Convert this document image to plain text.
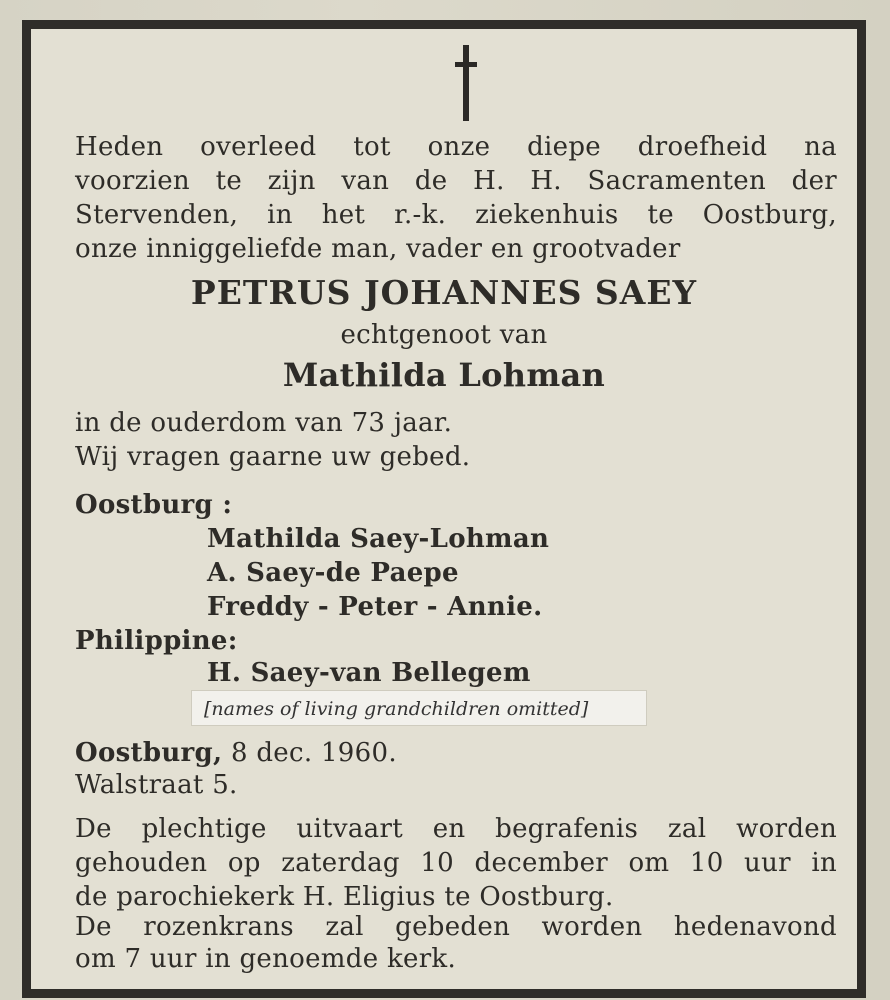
Heden overleed tot onze diepe droefheid na
voorzien te zijn van de H. H. Sacramenten der
Stervenden, in het r.-k. ziekenhuis te Oostburg,
onze inniggeliefde man, vader en grootvader
PETRUS JOHANNES SAEY
echtgenoot van
Mathilda Lohman
in de ouderdom van 73 jaar.
Wij vragen gaarne uw gebed.
Oostburg :
Mathilda Saey-Lohman
A. Saey-de Paepe
Freddy - Peter - Annie.
Philippine:
H. Saey-van Bellegem
[names of living grandchildren omitted]
Oostburg, 8 dec. 1960.
Walstraat 5.
De plechtige uitvaart en begrafenis zal worden
gehouden op zaterdag 10 december om 10 uur in
de parochiekerk H. Eligius te Oostburg.
De rozenkrans zal gebeden worden hedenavond
om 7 uur in genoemde kerk.
